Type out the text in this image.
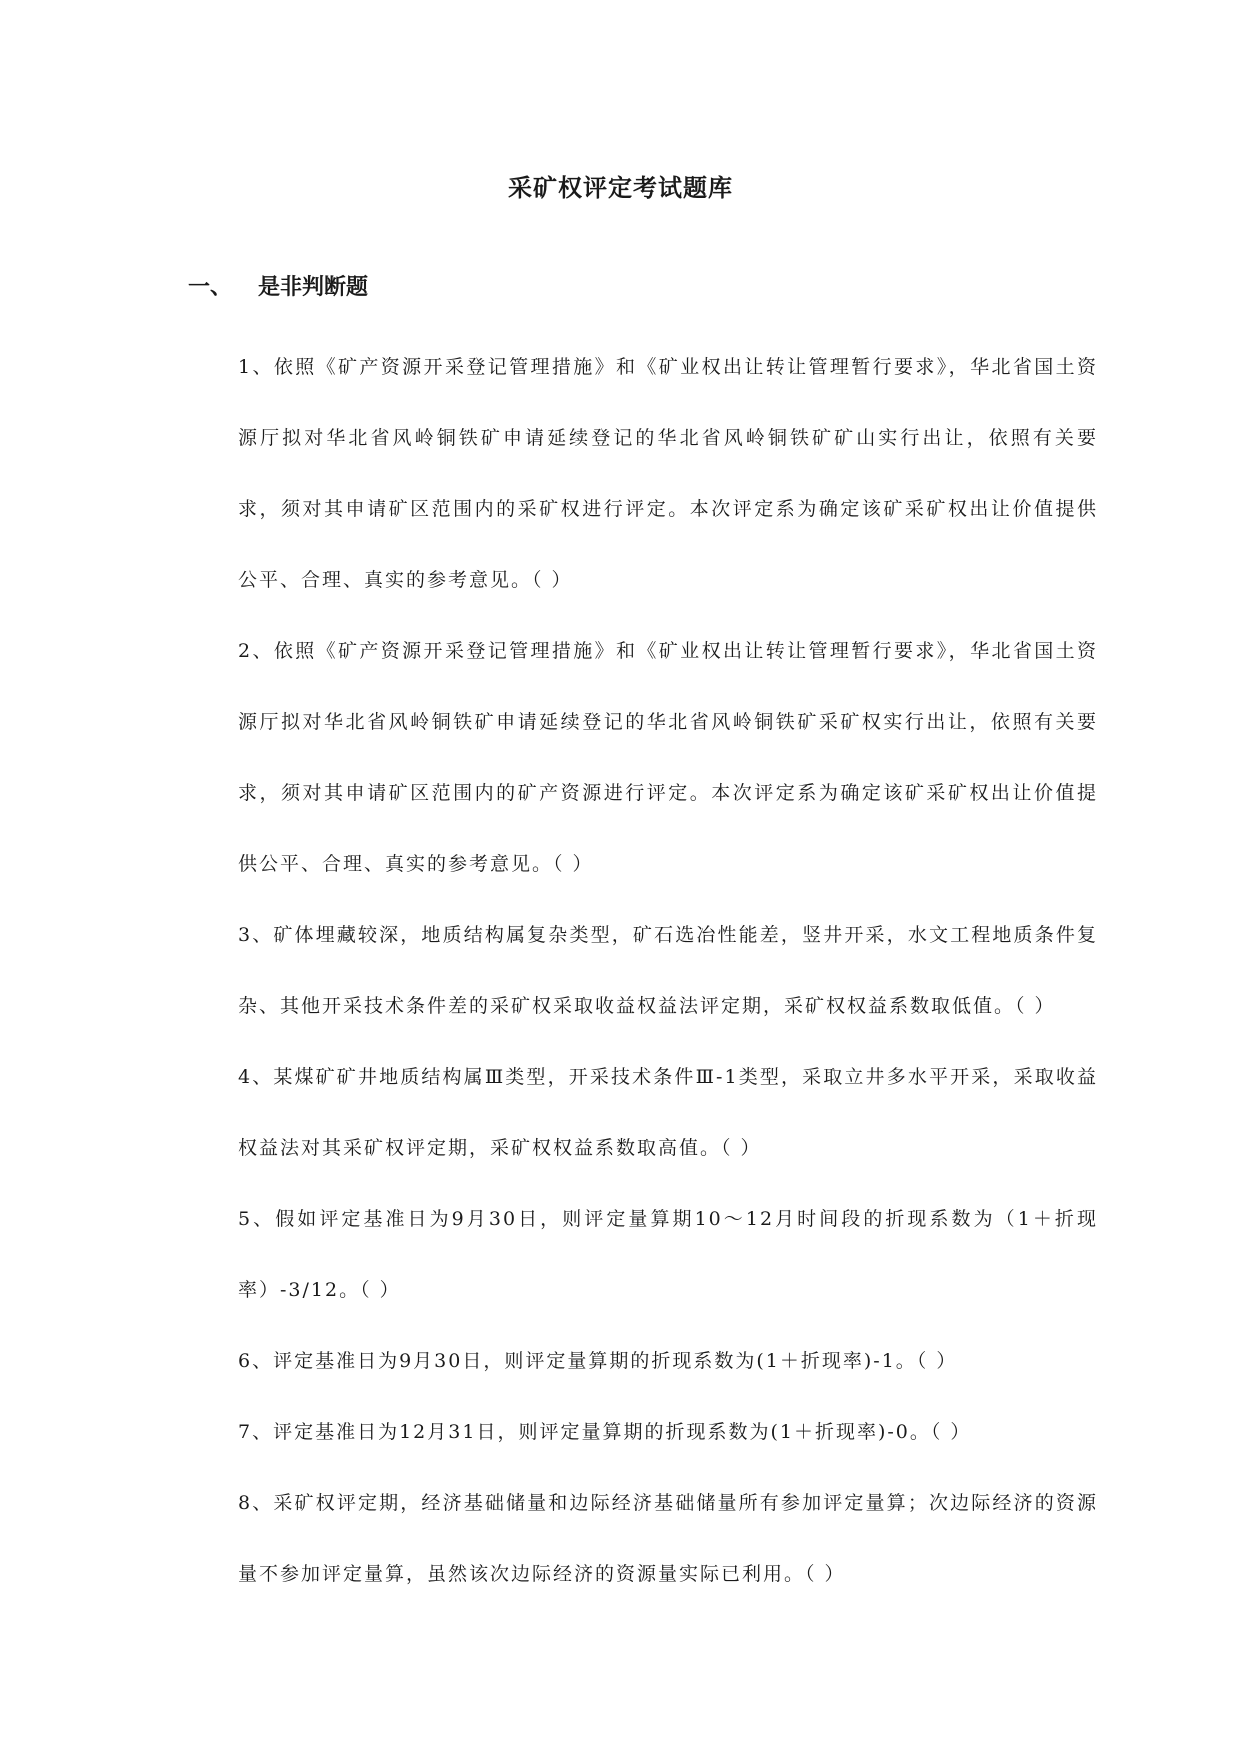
采矿权评定考试题库
一、 是非判断题

1、依照《矿产资源开采登记管理措施》和《矿业权出让转让管理暂行要求》，华北省国土资源厅拟对华北省风岭铜铁矿申请延续登记的华北省风岭铜铁矿矿山实行出让，依照有关要求，须对其申请矿区范围内的采矿权进行评定。本次评定系为确定该矿采矿权出让价值提供公平、合理、真实的参考意见。（ ）

2、依照《矿产资源开采登记管理措施》和《矿业权出让转让管理暂行要求》，华北省国土资源厅拟对华北省风岭铜铁矿申请延续登记的华北省风岭铜铁矿采矿权实行出让，依照有关要求，须对其申请矿区范围内的矿产资源进行评定。本次评定系为确定该矿采矿权出让价值提供公平、合理、真实的参考意见。（ ）

3、矿体埋藏较深，地质结构属复杂类型，矿石选冶性能差，竖井开采，水文工程地质条件复杂、其他开采技术条件差的采矿权采取收益权益法评定期，采矿权权益系数取低值。（ ）

4、某煤矿矿井地质结构属Ⅲ类型，开采技术条件Ⅲ-1类型，采取立井多水平开采，采取收益权益法对其采矿权评定期，采矿权权益系数取高值。（ ）

5、假如评定基准日为9月30日，则评定量算期10～12月时间段的折现系数为（1＋折现率）-3/12。（ ）

6、评定基准日为9月30日，则评定量算期的折现系数为(1＋折现率)-1。（ ）

7、评定基准日为12月31日，则评定量算期的折现系数为(1＋折现率)-0。（ ）

8、采矿权评定期，经济基础储量和边际经济基础储量所有参加评定量算；次边际经济的资源量不参加评定量算，虽然该次边际经济的资源量实际已利用。（ ）
